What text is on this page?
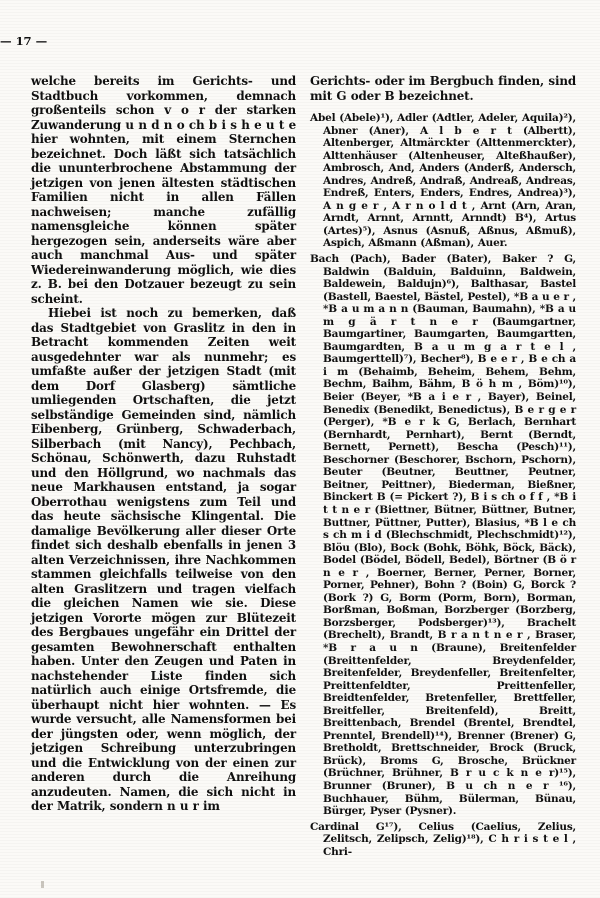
— 17 —

welche bereits im Gerichts- und Stadtbuch vorkommen, demnach großenteils schon v o r der starken Zuwanderung u n d n o ch b i s h e u t e hier wohnten, mit einem Sternchen bezeichnet. Doch läßt sich tatsächlich die ununterbrochene Abstammung der jetzigen von jenen ältesten städtischen Familien nicht in allen Fällen nachweisen; manche zufällig namensgleiche können später hergezogen sein, anderseits wäre aber auch manchmal Aus- und später Wiedereinwanderung möglich, wie dies z. B. bei den Dotzauer bezeugt zu sein scheint.

Hiebei ist noch zu bemerken, daß das Stadtgebiet von Graslitz in den in Betracht kommenden Zeiten weit ausgedehnter war als nunmehr; es umfaßte außer der jetzigen Stadt (mit dem Dorf Glasberg) sämtliche umliegenden Ortschaften, die jetzt selbständige Gemeinden sind, nämlich Eibenberg, Grünberg, Schwaderbach, Silberbach (mit Nancy), Pechbach, Schönau, Schönwerth, dazu Ruhstadt und den Höllgrund, wo nachmals das neue Markhausen entstand, ja sogar Oberrothau wenigstens zum Teil und das heute sächsische Klingental. Die damalige Bevölkerung aller dieser Orte findet sich deshalb ebenfalls in jenen 3 alten Verzeichnissen, ihre Nachkommen stammen gleichfalls teilweise von den alten Graslitzern und tragen vielfach die gleichen Namen wie sie. Diese jetzigen Vororte mögen zur Blütezeit des Bergbaues ungefähr ein Drittel der gesamten Bewohnerschaft enthalten haben. Unter den Zeugen und Paten in nachstehender Liste finden sich natürlich auch einige Ortsfremde, die überhaupt nicht hier wohnten. — Es wurde versucht, alle Namensformen bei der jüngsten oder, wenn möglich, der jetzigen Schreibung unterzubringen und die Entwicklung von der einen zur anderen durch die Anreihung anzudeuten. Namen, die sich nicht in der Matrik, sondern n u r im

Gerichts- oder im Bergbuch finden, sind mit G oder B bezeichnet.

Abel (Abele)¹), Adler (Adtler, Adeler, Aquila)²), Abner (Aner), A l b e r t (Albertt), Altenberger, Altmärckter (Alttenmerckter), Alttenhäuser (Altenheuser, Alteßhaußer), Ambrosch, And, Anders (Anderß, Andersch, Andres, Andreß, Andraß, Andreaß, Andreas, Endreß, Enters, Enders, Endres, Andrea)³), A n g e r , A r n o l d t , Arnt (Arn, Aran, Arndt, Arnnt, Arnntt, Arnndt) B⁴), Artus (Artes)⁵), Asnus (Asnuß, Aßnus, Aßmuß), Aspich, Aßmann (Aßman), Auer.

Bach (Pach), Bader (Bater), Baker ? G, Baldwin (Balduin, Balduinn, Baldwein, Baldewein, Baldujn)⁶), Balthasar, Bastel (Bastell, Baestel, Bästel, Pestel), *B a u e r , *B a u m a n n (Bauman, Baumahn), *B a u m g ä r t n e r (Baumgartner, Baumgartiner, Baumgarten, Baumgartten, Baumgardten, B a u m g a r t e l , Baumgerttell)⁷), Becher⁸), B e e r , B e ch a i m (Behaimb, Beheim, Behem, Behm, Bechm, Baihm, Bähm, B ö h m , Böm)¹⁰), Beier (Beyer, *B a i e r , Bayer), Beinel, Benedix (Benedikt, Benedictus), B e r g e r (Perger), *B e r k G, Berlach, Bernhart (Bernhardt, Pernhart), Bernt (Berndt, Bernett, Pernett), Bescha (Pesch)¹¹), Beschorner (Beschorer, Bschorn, Pschorn), Beuter (Beutner, Beuttner, Peutner, Beitner, Peittner), Biederman, Bießner, Binckert B (= Pickert ?), B i s ch o f f , *B i t t n e r (Biettner, Bütner, Büttner, Butner, Buttner, Püttner, Putter), Blasius, *B l e ch s ch m i d (Blechschmidt, Plechschmidt)¹²), Blöu (Blo), Bock (Bohk, Böhk, Böck, Bäck), Bodel (Bödel, Bödell, Bedel), Börtner (B ö r n e r , Boerner, Berner, Perner, Borner, Porner, Pehner), Bohn ? (Boin) G, Borck ? (Bork ?) G, Borm (Porm, Born), Borman, Borßman, Boßman, Borzberger (Borzberg, Borzsberger, Podsberger)¹³), Brachelt (Brechelt), Brandt, B r a n t n e r , Braser, *B r a u n (Braune), Breitenfelder (Breittenfelder, Breydenfelder, Breitenfelder, Breydenfeller, Breitenfelter, Preittenfeldter, Preittenfeller, Breidtenfelder, Bretenfeller, Brettfeller, Breitfeller, Breitenfeld), Breitt, Breittenbach, Brendel (Brentel, Brendtel, Prenntel, Brendell)¹⁴), Brenner (Brener) G, Bretholdt, Brettschneider, Brock (Bruck, Brück), Broms G, Brosche, Brückner (Brüchner, Brühner, B r u c k n e r)¹⁵), Brunner (Bruner), B u ch n e r ¹⁶), Buchhauer, Bühm, Bülerman, Bünau, Bürger, Pyser (Pysner).

Cardinal G¹⁷), Celius (Caelius, Zelius, Zelitsch, Zelipsch, Zelig)¹⁸), C h r i s t e l , Chri-
